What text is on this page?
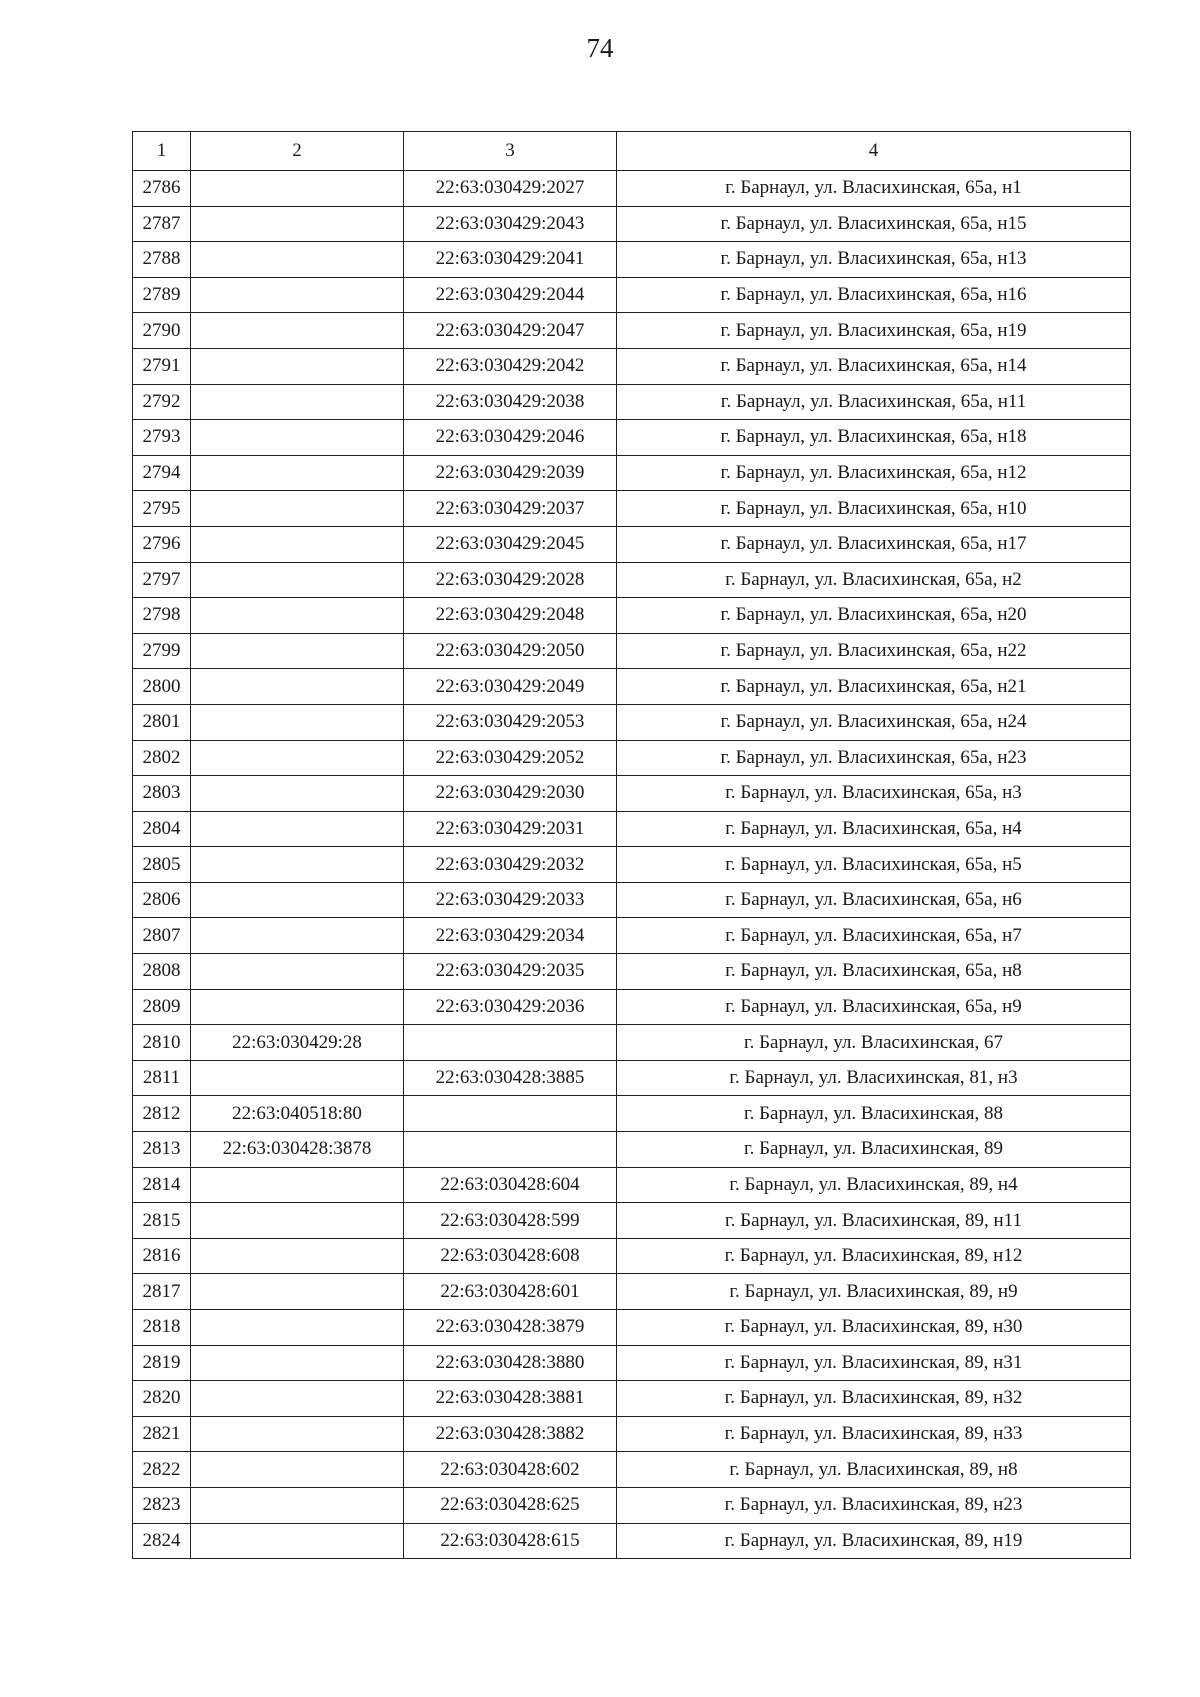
74
1	2	3	4
2786		22:63:030429:2027	г. Барнаул, ул. Власихинская, 65а, н1
2787		22:63:030429:2043	г. Барнаул, ул. Власихинская, 65а, н15
2788		22:63:030429:2041	г. Барнаул, ул. Власихинская, 65а, н13
2789		22:63:030429:2044	г. Барнаул, ул. Власихинская, 65а, н16
2790		22:63:030429:2047	г. Барнаул, ул. Власихинская, 65а, н19
2791		22:63:030429:2042	г. Барнаул, ул. Власихинская, 65а, н14
2792		22:63:030429:2038	г. Барнаул, ул. Власихинская, 65а, н11
2793		22:63:030429:2046	г. Барнаул, ул. Власихинская, 65а, н18
2794		22:63:030429:2039	г. Барнаул, ул. Власихинская, 65а, н12
2795		22:63:030429:2037	г. Барнаул, ул. Власихинская, 65а, н10
2796		22:63:030429:2045	г. Барнаул, ул. Власихинская, 65а, н17
2797		22:63:030429:2028	г. Барнаул, ул. Власихинская, 65а, н2
2798		22:63:030429:2048	г. Барнаул, ул. Власихинская, 65а, н20
2799		22:63:030429:2050	г. Барнаул, ул. Власихинская, 65а, н22
2800		22:63:030429:2049	г. Барнаул, ул. Власихинская, 65а, н21
2801		22:63:030429:2053	г. Барнаул, ул. Власихинская, 65а, н24
2802		22:63:030429:2052	г. Барнаул, ул. Власихинская, 65а, н23
2803		22:63:030429:2030	г. Барнаул, ул. Власихинская, 65а, н3
2804		22:63:030429:2031	г. Барнаул, ул. Власихинская, 65а, н4
2805		22:63:030429:2032	г. Барнаул, ул. Власихинская, 65а, н5
2806		22:63:030429:2033	г. Барнаул, ул. Власихинская, 65а, н6
2807		22:63:030429:2034	г. Барнаул, ул. Власихинская, 65а, н7
2808		22:63:030429:2035	г. Барнаул, ул. Власихинская, 65а, н8
2809		22:63:030429:2036	г. Барнаул, ул. Власихинская, 65а, н9
2810	22:63:030429:28		г. Барнаул, ул. Власихинская, 67
2811		22:63:030428:3885	г. Барнаул, ул. Власихинская, 81, н3
2812	22:63:040518:80		г. Барнаул, ул. Власихинская, 88
2813	22:63:030428:3878		г. Барнаул, ул. Власихинская, 89
2814		22:63:030428:604	г. Барнаул, ул. Власихинская, 89, н4
2815		22:63:030428:599	г. Барнаул, ул. Власихинская, 89, н11
2816		22:63:030428:608	г. Барнаул, ул. Власихинская, 89, н12
2817		22:63:030428:601	г. Барнаул, ул. Власихинская, 89, н9
2818		22:63:030428:3879	г. Барнаул, ул. Власихинская, 89, н30
2819		22:63:030428:3880	г. Барнаул, ул. Власихинская, 89, н31
2820		22:63:030428:3881	г. Барнаул, ул. Власихинская, 89, н32
2821		22:63:030428:3882	г. Барнаул, ул. Власихинская, 89, н33
2822		22:63:030428:602	г. Барнаул, ул. Власихинская, 89, н8
2823		22:63:030428:625	г. Барнаул, ул. Власихинская, 89, н23
2824		22:63:030428:615	г. Барнаул, ул. Власихинская, 89, н19
